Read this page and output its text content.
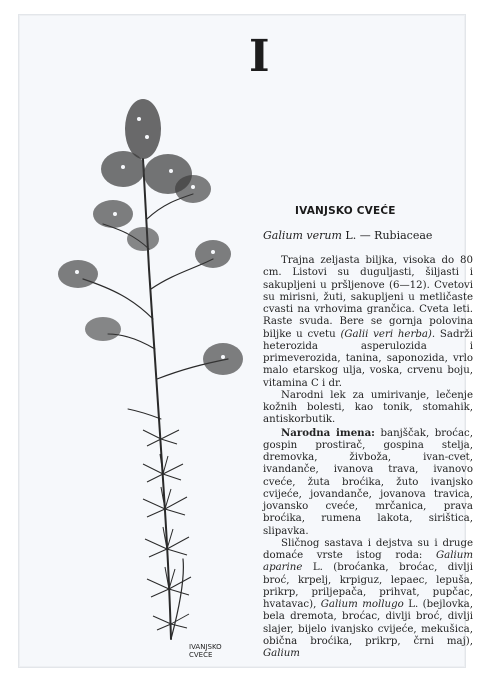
I
IVANJSKO CVEĆE
Galium verum L. — Rubiaceae

Trajna zeljasta biljka, visoka do 80 cm. Listovi su duguljasti, šiljasti i sakupljeni u pršljenove (6—12). Cvetovi su mirisni, žuti, sakupljeni u metličaste cvasti na vrhovima grančica. Cveta leti. Raste svuda. Bere se gornja polovina biljke u cvetu (Galii veri herba). Sadrži heterozida asperulozida i primeverozida, tanina, saponozida, vrlo malo etarskog ulja, voska, crvenu boju, vitamina C i dr.

Narodni lek za umirivanje, lečenje kožnih bolesti, kao tonik, stomahik, antiskorbutik.

Narodna imena: banjščak, broćac, gospin prostirač, gospina stelja, dremovka, živboža, ivan-cvet, ivandanče, ivanova trava, ivanovo cveće, žuta broćika, žuto ivanjsko cvijeće, jovandanče, jovanova travica, jovansko cveće, mrčanica, prava broćika, rumena lakota, sirištica, slipavka.

Sličnog sastava i dejstva su i druge domaće vrste istog roda: Galium aparine L. (broćanka, broćac, divlji broć, krpelj, krpiguz, lepaec, lepuša, prikrp, priljepača, prihvat, pupčac, hvatavac), Galium mollugo L. (bejlovka, bela dremota, broćac, divlji broć, divlji slajer, bijelo ivanjsko cvijeće, mekušica, obična broćika, prikrp, črni maj), Galium

IVANJSKO
CVEĆE
